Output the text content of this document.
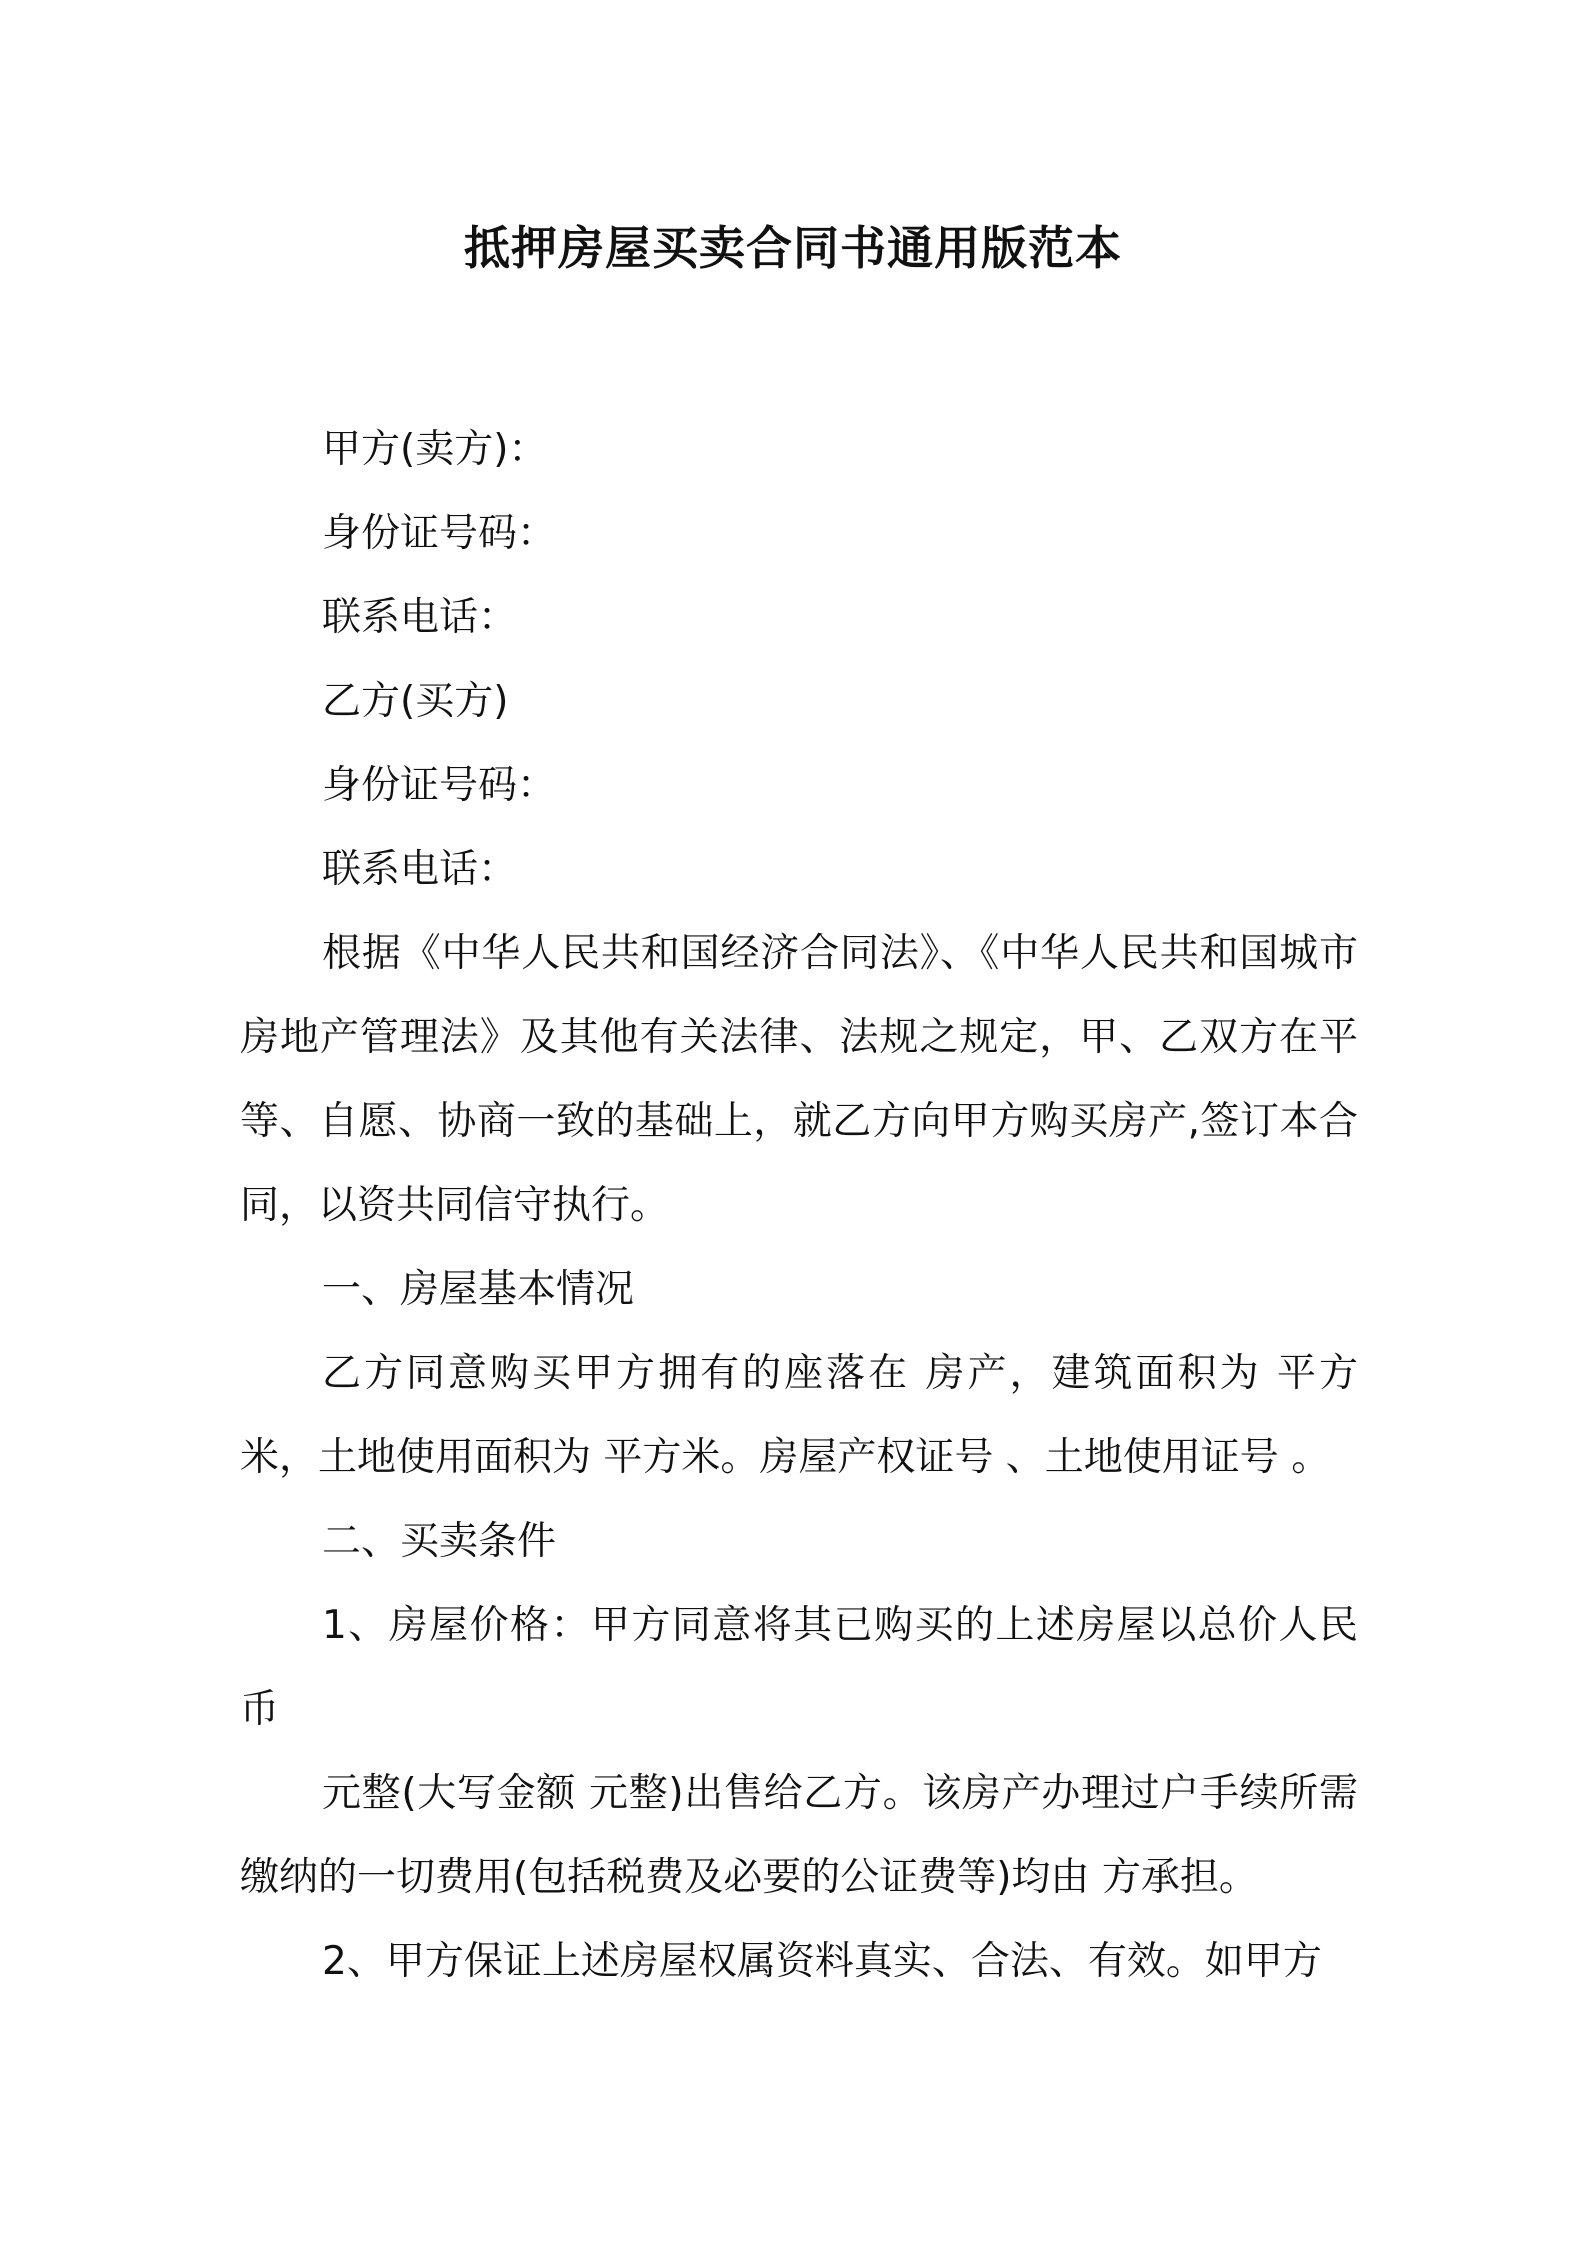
抵押房屋买卖合同书通用版范本
甲方(卖方)：
身份证号码：
联系电话：
乙方(买方)
身份证号码：
联系电话：
根据《中华人民共和国经济合同法》、《中华人民共和国城市房地产管理法》及其他有关法律、法规之规定，甲、乙双方在平等、自愿、协商一致的基础上，就乙方向甲方购买房产,签订本合同，以资共同信守执行。
一、房屋基本情况
乙方同意购买甲方拥有的座落在 房产，建筑面积为 平方米，土地使用面积为 平方米。房屋产权证号 、土地使用证号 。
二、买卖条件
1、房屋价格：甲方同意将其已购买的上述房屋以总价人民币
元整(大写金额 元整)出售给乙方。该房产办理过户手续所需缴纳的一切费用(包括税费及必要的公证费等)均由 方承担。
2、甲方保证上述房屋权属资料真实、合法、有效。如甲方
